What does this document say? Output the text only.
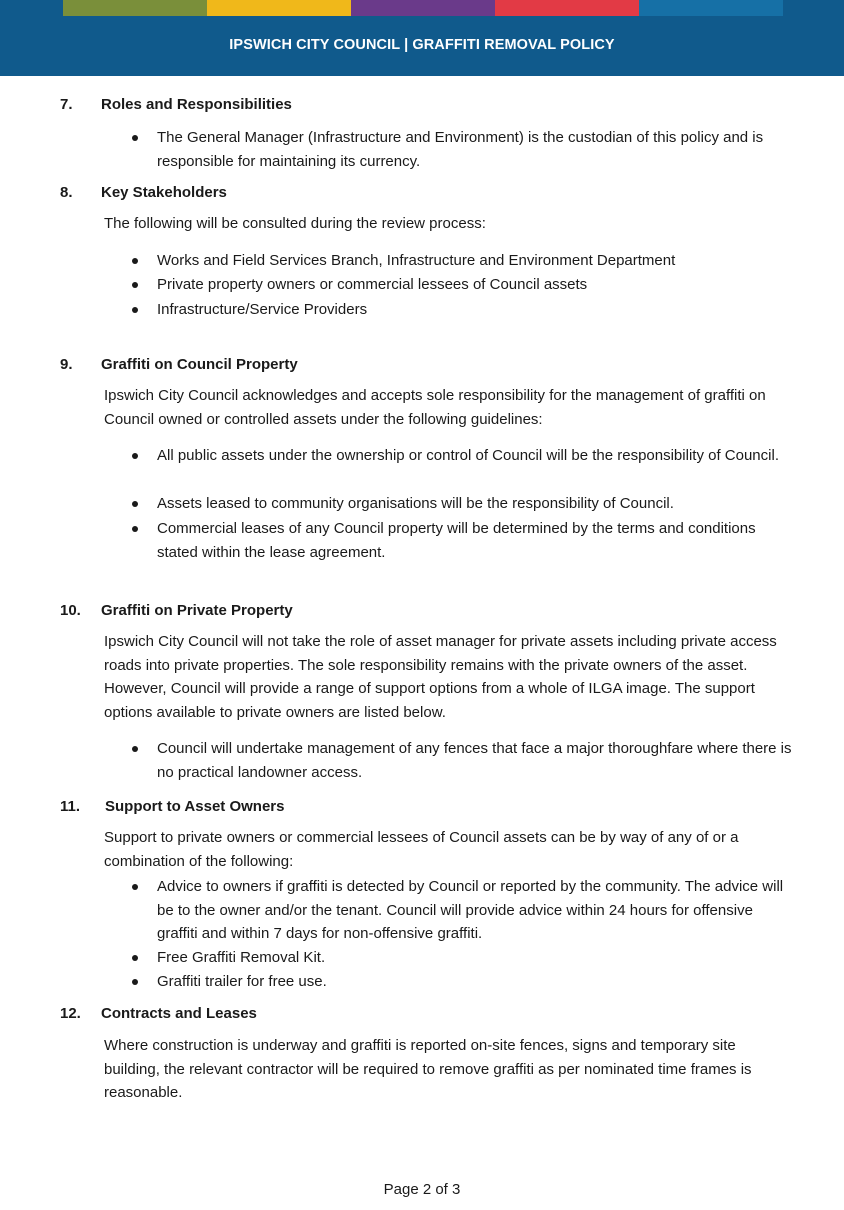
IPSWICH CITY COUNCIL | GRAFFITI REMOVAL POLICY
7. Roles and Responsibilities
The General Manager (Infrastructure and Environment) is the custodian of this policy and is responsible for maintaining its currency.
8. Key Stakeholders

The following will be consulted during the review process:

Works and Field Services Branch, Infrastructure and Environment Department
Private property owners or commercial lessees of Council assets
Infrastructure/Service Providers
9. Graffiti on Council Property

Ipswich City Council acknowledges and accepts sole responsibility for the management of graffiti on Council owned or controlled assets under the following guidelines:

All public assets under the ownership or control of Council will be the responsibility of Council.
Assets leased to community organisations will be the responsibility of Council.
Commercial leases of any Council property will be determined by the terms and conditions stated within the lease agreement.
10. Graffiti on Private Property

Ipswich City Council will not take the role of asset manager for private assets including private access roads into private properties. The sole responsibility remains with the private owners of the asset. However, Council will provide a range of support options from a whole of ILGA image. The support options available to private owners are listed below.

Council will undertake management of any fences that face a major thoroughfare where there is no practical landowner access.
11. Support to Asset Owners

Support to private owners or commercial lessees of Council assets can be by way of any of or a combination of the following:

Advice to owners if graffiti is detected by Council or reported by the community. The advice will be to the owner and/or the tenant. Council will provide advice within 24 hours for offensive graffiti and within 7 days for non-offensive graffiti.
Free Graffiti Removal Kit.
Graffiti trailer for free use.
12. Contracts and Leases

Where construction is underway and graffiti is reported on-site fences, signs and temporary site building, the relevant contractor will be required to remove graffiti as per nominated time frames is reasonable.

Page 2 of 3
